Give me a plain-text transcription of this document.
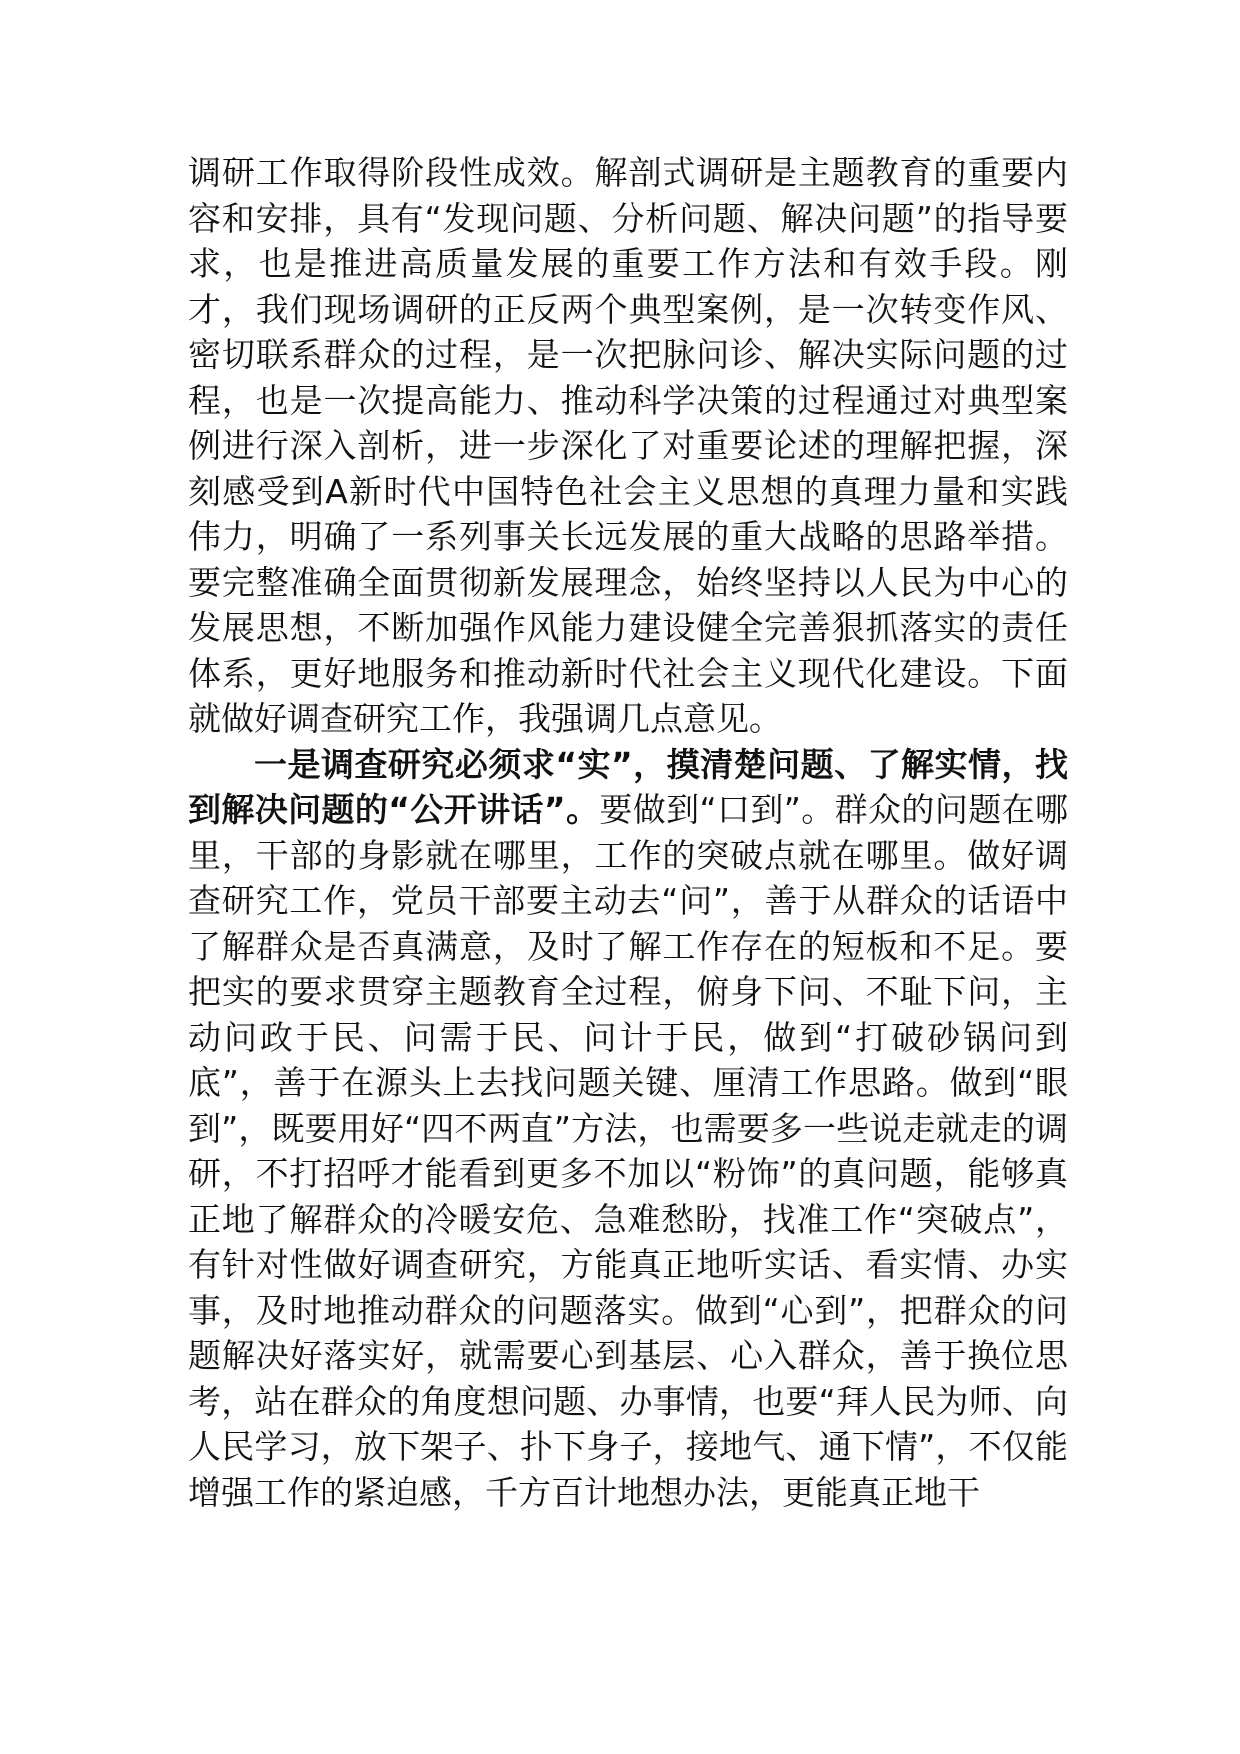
调研工作取得阶段性成效。解剖式调研是主题教育的重要内容和安排，具有“发现问题、分析问题、解决问题”的指导要求，也是推进高质量发展的重要工作方法和有效手段。刚才，我们现场调研的正反两个典型案例，是一次转变作风、密切联系群众的过程，是一次把脉问诊、解决实际问题的过程，也是一次提高能力、推动科学决策的过程通过对典型案例进行深入剖析，进一步深化了对重要论述的理解把握，深刻感受到A新时代中国特色社会主义思想的真理力量和实践伟力，明确了一系列事关长远发展的重大战略的思路举措。要完整准确全面贯彻新发展理念，始终坚持以人民为中心的发展思想，不断加强作风能力建设健全完善狠抓落实的责任体系，更好地服务和推动新时代社会主义现代化建设。下面就做好调查研究工作，我强调几点意见。

一是调查研究必须求“实”，摸清楚问题、了解实情，找到解决问题的“公开讲话”。要做到“口到”。群众的问题在哪里，干部的身影就在哪里，工作的突破点就在哪里。做好调查研究工作，党员干部要主动去“问”，善于从群众的话语中了解群众是否真满意，及时了解工作存在的短板和不足。要把实的要求贯穿主题教育全过程，俯身下问、不耻下问，主动问政于民、问需于民、问计于民，做到“打破砂锅问到底”，善于在源头上去找问题关键、厘清工作思路。做到“眼到”，既要用好“四不两直”方法，也需要多一些说走就走的调研，不打招呼才能看到更多不加以“粉饰”的真问题，能够真正地了解群众的冷暖安危、急难愁盼，找准工作“突破点”，有针对性做好调查研究，方能真正地听实话、看实情、办实事，及时地推动群众的问题落实。做到“心到”，把群众的问题解决好落实好，就需要心到基层、心入群众，善于换位思考，站在群众的角度想问题、办事情，也要“拜人民为师、向人民学习，放下架子、扑下身子，接地气、通下情”，不仅能增强工作的紧迫感，千方百计地想办法，更能真正地干
